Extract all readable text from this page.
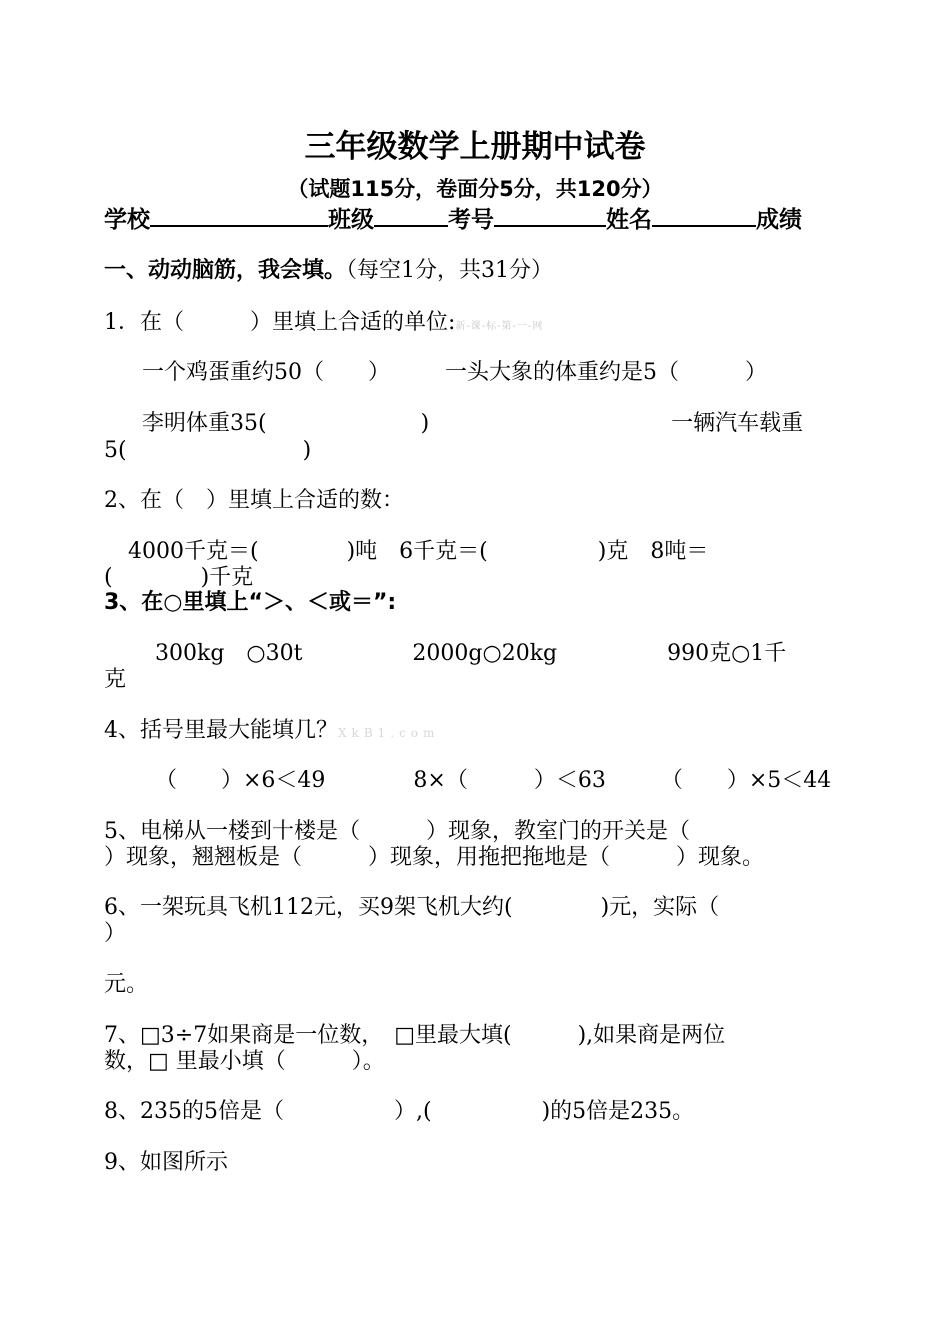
三年级数学上册期中试卷
（试题115分，卷面分5分，共120分）
学校	班级	考号	姓名	成绩
一、动动脑筋，我会填。（每空1分，共31分）
1．在（　　　）里填上合适的单位:新-课-标-第-一-网
一个鸡蛋重约50（　　）　　　一头大象的体重约是5（　　　）
李明体重35(　　　　　　　)　　　　　　　　　　　一辆汽车载重
5(　　　　　　　　)
2、在（　）里填上合适的数：
4000千克＝(　　　　)吨　6千克＝(　　　　　)克　8吨＝
(　　　　)千克
3、在○里填上“＞、＜或＝”:
300kg　○30t　　　　　2000g○20kg　　　　　990克○1千
克
4、括号里最大能填几？XkB1.com
（　　）×6＜49　　　　8×（　　　）＜63　　　（　　）×5＜44
5、电梯从一楼到十楼是（　　　）现象，教室门的开关是（
）现象，翘翘板是（　　　）现象，用拖把拖地是（　　　）现象。
6、一架玩具飞机112元，买9架飞机大约(　　　　)元，实际（
）
元。
7、□3÷7如果商是一位数，　□里最大填(　　　),如果商是两位
数，□ 里最小填（　　　）。
8、235的5倍是（　　　　　）,(　　　　　)的5倍是235。
9、如图所示
